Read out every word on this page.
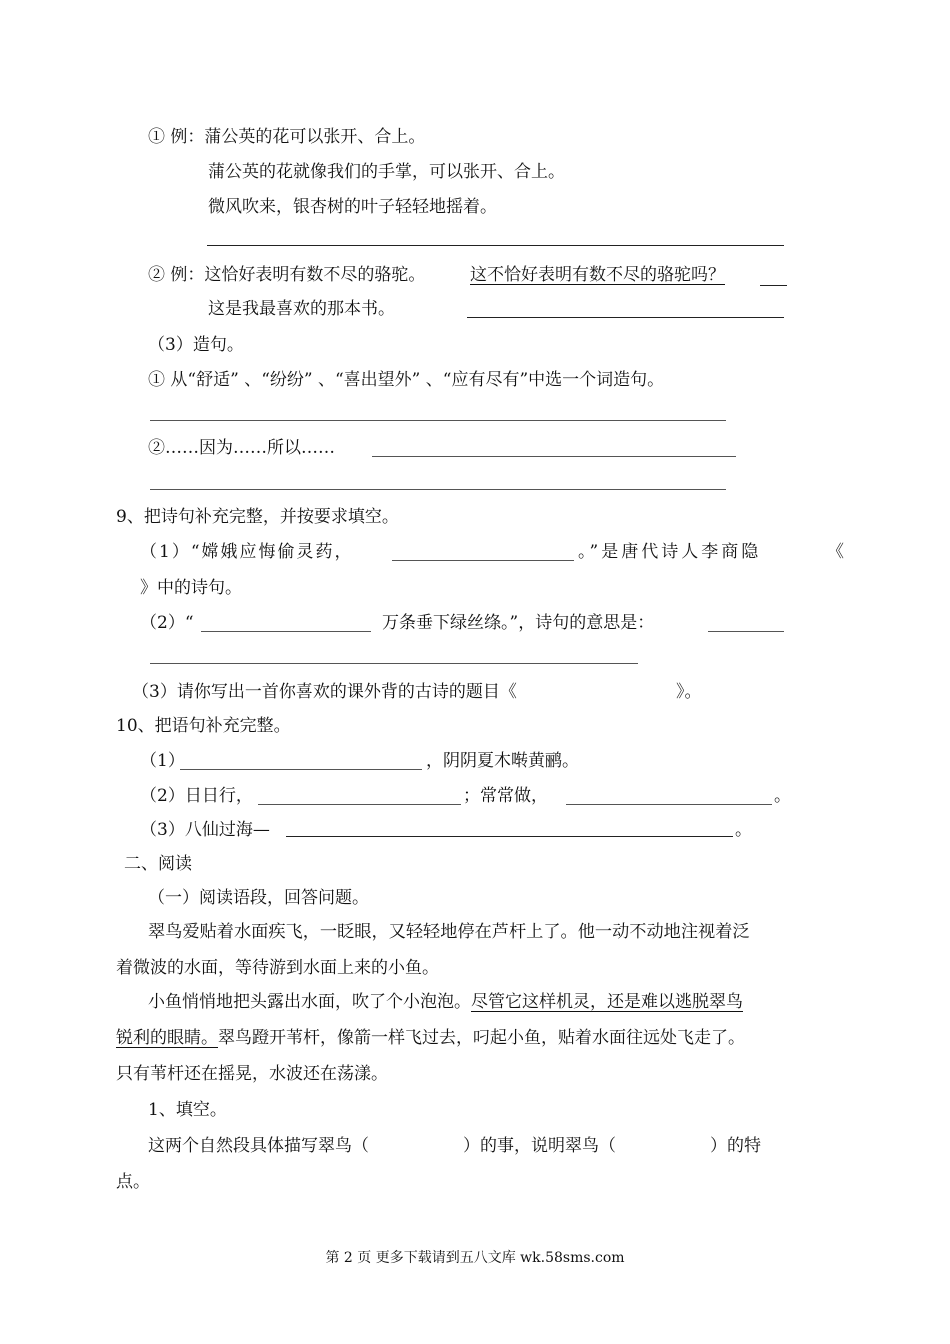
① 例：蒲公英的花可以张开、合上。
蒲公英的花就像我们的手掌，可以张开、合上。
微风吹来，银杏树的叶子轻轻地摇着。
② 例：这恰好表明有数不尽的骆驼。	这不恰好表明有数不尽的骆驼吗？
这是我最喜欢的那本书。
（3）造句。
① 从“舒适” 、“纷纷” 、“喜出望外” 、“应有尽有”中选一个词造句。
②……因为……所以……
9、把诗句补充完整，并按要求填空。
（1）“嫦娥应悔偷灵药，	。”是唐代诗人李商隐	《
》中的诗句。
（2）“	万条垂下绿丝绦。”，诗句的意思是：
（3）请你写出一首你喜欢的课外背的古诗的题目《	》。
10、把语句补充完整。
（1）	，阴阴夏木啭黄鹂。
（2）日日行，	；常常做，	。
（3）八仙过海—	。
二、阅读
（一）阅读语段，回答问题。
翠鸟爱贴着水面疾飞，一眨眼，又轻轻地停在芦杆上了。他一动不动地注视着泛
着微波的水面，等待游到水面上来的小鱼。
小鱼悄悄地把头露出水面，吹了个小泡泡。尽管它这样机灵，还是难以逃脱翠鸟
锐利的眼睛。翠鸟蹬开苇杆，像箭一样飞过去，叼起小鱼，贴着水面往远处飞走了。
只有苇杆还在摇晃，水波还在荡漾。
1、填空。
这两个自然段具体描写翠鸟（	）的事，说明翠鸟（	）的特
点。
第 2 页 更多下载请到五八文库 wk.58sms.com
